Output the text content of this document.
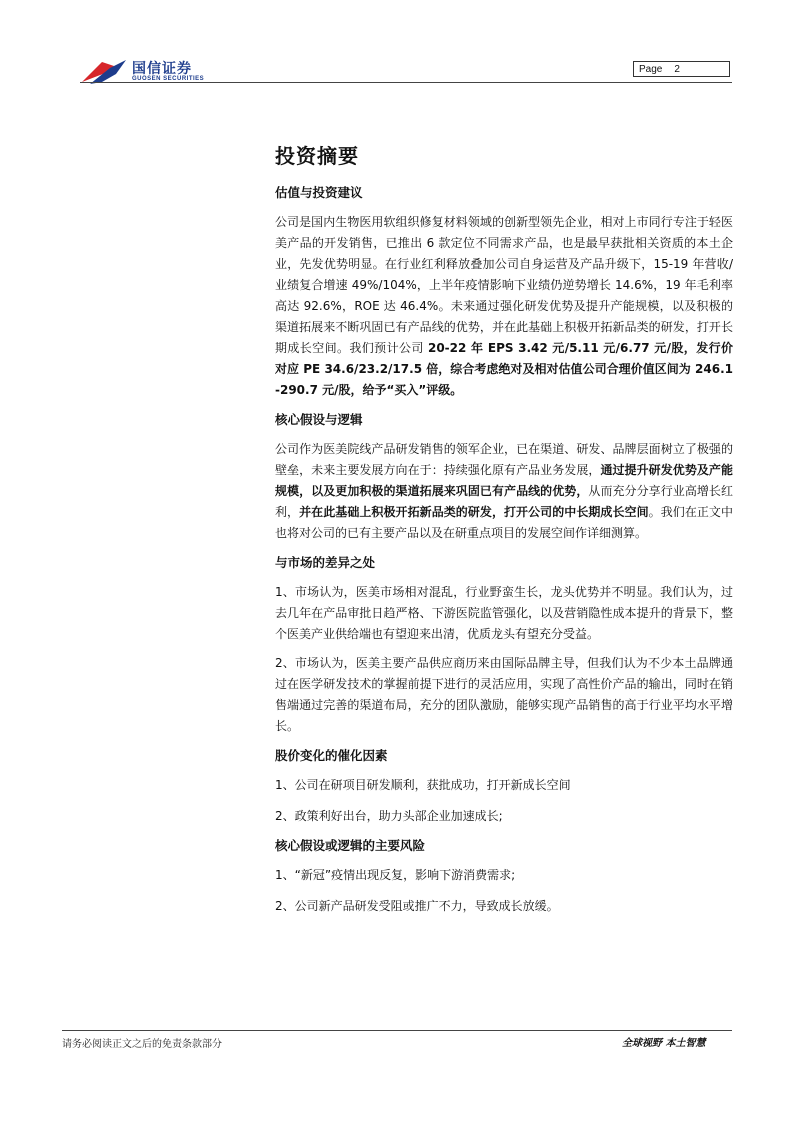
国信证券
GUOSEN SECURITIES
Page 2
投资摘要
估值与投资建议

公司是国内生物医用软组织修复材料领域的创新型领先企业，相对上市同行专注于轻医美产品的开发销售，已推出 6 款定位不同需求产品，也是最早获批相关资质的本土企业，先发优势明显。在行业红利释放叠加公司自身运营及产品升级下，15-19 年营收/业绩复合增速 49%/104%，上半年疫情影响下业绩仍逆势增长 14.6%，19 年毛利率高达 92.6%，ROE 达 46.4%。未来通过强化研发优势及提升产能规模，以及积极的渠道拓展来不断巩固已有产品线的优势，并在此基础上积极开拓新品类的研发，打开长期成长空间。我们预计公司 20-22 年 EPS 3.42 元/5.11 元/6.77 元/股，发行价对应 PE 34.6/23.2/17.5 倍，综合考虑绝对及相对估值公司合理价值区间为 246.1-290.7 元/股，给予“买入”评级。

核心假设与逻辑

公司作为医美院线产品研发销售的领军企业，已在渠道、研发、品牌层面树立了极强的壁垒，未来主要发展方向在于：持续强化原有产品业务发展，通过提升研发优势及产能规模，以及更加积极的渠道拓展来巩固已有产品线的优势，从而充分分享行业高增长红利，并在此基础上积极开拓新品类的研发，打开公司的中长期成长空间。我们在正文中也将对公司的已有主要产品以及在研重点项目的发展空间作详细测算。

与市场的差异之处

1、市场认为，医美市场相对混乱，行业野蛮生长，龙头优势并不明显。我们认为，过去几年在产品审批日趋严格、下游医院监管强化，以及营销隐性成本提升的背景下，整个医美产业供给端也有望迎来出清，优质龙头有望充分受益。

2、市场认为，医美主要产品供应商历来由国际品牌主导，但我们认为不少本土品牌通过在医学研发技术的掌握前提下进行的灵活应用，实现了高性价产品的输出，同时在销售端通过完善的渠道布局，充分的团队激励，能够实现产品销售的高于行业平均水平增长。

股价变化的催化因素

1、公司在研项目研发顺利，获批成功，打开新成长空间

2、政策利好出台，助力头部企业加速成长;

核心假设或逻辑的主要风险

1、“新冠”疫情出现反复，影响下游消费需求;

2、公司新产品研发受阻或推广不力，导致成长放缓。

请务必阅读正文之后的免责条款部分	全球视野 本土智慧
